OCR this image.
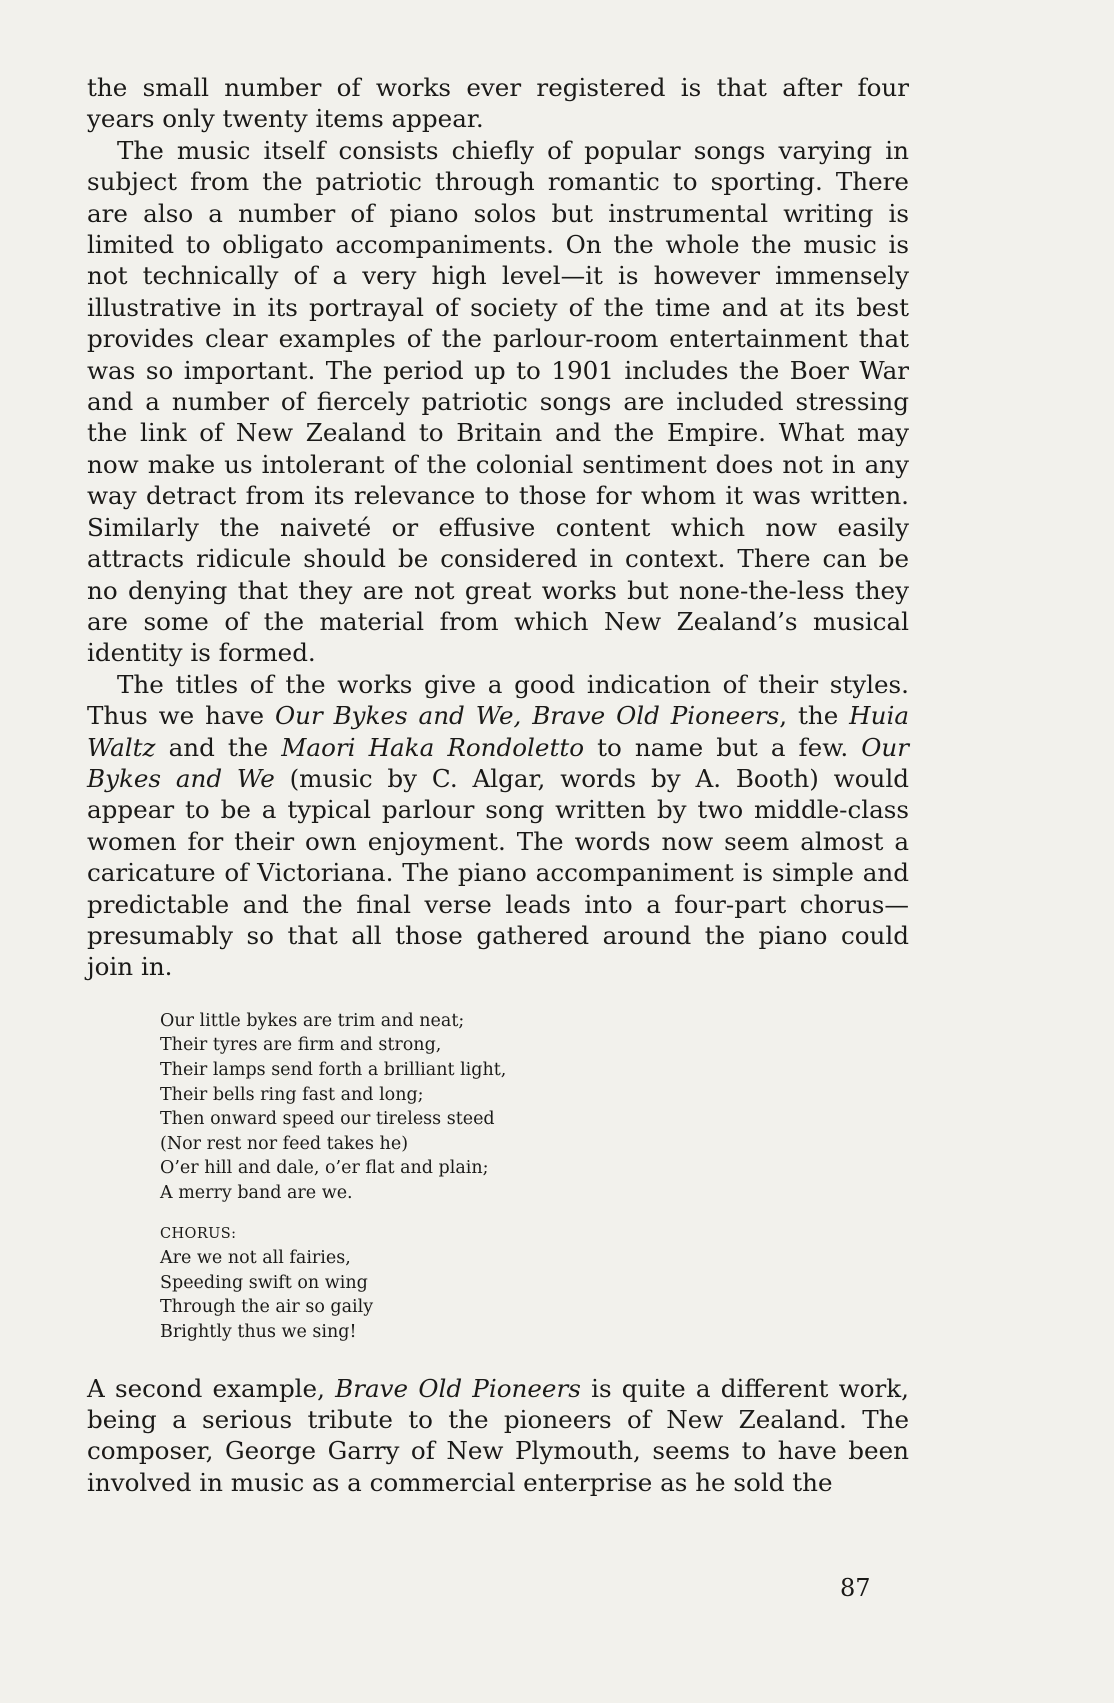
the small number of works ever registered is that after four years only twenty items appear.

The music itself consists chiefly of popular songs varying in subject from the patriotic through romantic to sporting. There are also a number of piano solos but instrumental writing is limited to obligato accompaniments. On the whole the music is not technically of a very high level—it is however immensely illustrative in its portrayal of society of the time and at its best provides clear examples of the parlour-room entertainment that was so important. The period up to 1901 includes the Boer War and a number of fiercely patriotic songs are included stressing the link of New Zealand to Britain and the Empire. What may now make us intolerant of the colonial sentiment does not in any way detract from its relevance to those for whom it was written. Similarly the naiveté or effusive content which now easily attracts ridicule should be considered in context. There can be no denying that they are not great works but none-the-less they are some of the material from which New Zealand’s musical identity is formed.

The titles of the works give a good indication of their styles. Thus we have Our Bykes and We, Brave Old Pioneers, the Huia Waltz and the Maori Haka Rondoletto to name but a few. Our Bykes and We (music by C. Algar, words by A. Booth) would appear to be a typical parlour song written by two middle-class women for their own enjoyment. The words now seem almost a caricature of Victoriana. The piano accompaniment is simple and predictable and the final verse leads into a four-part chorus—presumably so that all those gathered around the piano could join in.

Our little bykes are trim and neat;
Their tyres are firm and strong,
Their lamps send forth a brilliant light,
Their bells ring fast and long;
Then onward speed our tireless steed
(Nor rest nor feed takes he)
O’er hill and dale, o’er flat and plain;
A merry band are we.
CHORUS:
Are we not all fairies,
Speeding swift on wing
Through the air so gaily
Brightly thus we sing!

A second example, Brave Old Pioneers is quite a different work, being a serious tribute to the pioneers of New Zealand. The composer, George Garry of New Plymouth, seems to have been involved in music as a commercial enterprise as he sold the

87
